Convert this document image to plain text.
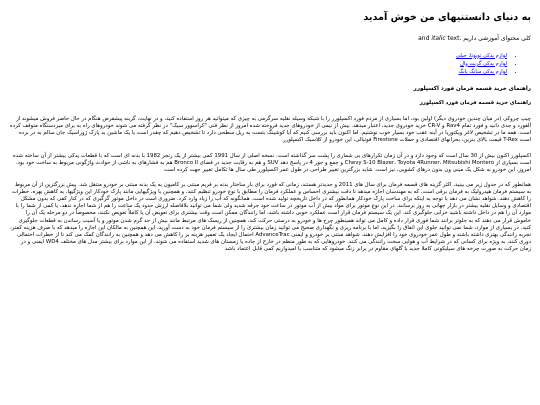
به دنیای دانستنیهای من خوش آمدید
کلی محتوای آموزشی داریم and italic text.
• لوازم یدکی تویوتا، جیلی
• لوازم یدکی گریت وال
• لوازم یدکی سانگ یانگ
راهنمای خرید قسمه فرمان فورد اکسپلورر
راهنمای خرید قسمه فرمان فورد اکسپلورر

چیپ چروکی (در میان چندین خودروی دیگر) اولین بود، اما بسیاری از مردم فورد اکسپلورر را با شبکه وسیله نقلیه سرگرمی به چیزی که میتوانید هر روز استفاده کنید، و در نهایت، گزینه پیشفرض هنگام در حال حاضر فروش میشوند از آلفورد و جدی دانید و فورد تمام Rav4 و CR-V خرید خودروی جدید، اعتبار میدهد. بیش از نیمی از خودروهای جدید فروخته شده امروز از نظر فنی "کراسوور سیک" در نظر گرفته می شوند خودروهای راه به برای میزدستگاه متوقف کرده است. همه ما در تشخیص لاغر ویکتوریا در آینه عقب خود بسیار خوب نوشتیم. اما اکنون باید بررسی کنیم که آیا کوشینگ بتست به ریل سطحی دارد تا تشخیص دهیم که چقدر است یا یک ماشین بد پارک ژوراسیک جان سالم به در برده است T-Rex قیمت بالای بنزین، بحرانهای اقتصادی و حملات Firestone فوتبالی، این خودرو از کلاسیک اکسپلورر

اکسپلورر اکنون بیش از 30 سال است که وجود دارد و در آن زمان تکرارهای بی شماری را پشت سر گذاشته است. نسخه اصلی از سال 1991 کمی بیشتر از یک رنجر 1982 با بدنه ای است که با قطعات یدکی بیشتر از آن ساخته شده است بسیاری از Chevy S-10 Blazer، Toyota 4Runner، Mitsubishi Montero و جمع و جور 4 در پاسخ دهد SUV و هم به رقابت جدید در فضای Bronco II هم به فشارهای به ناشی از حوادث واژگونی مربوط به ساخت خود بود. امروز، این خودرو به شکل یک مینی ون بدون درهای کشویی، نیز است. شاید بزرگترین تغییر طراحی در طول عمر اکسپلورر طی سال ها تکامل تغییر جهت کرده است

همانطور که در جدول زیر می بینید، اکثر گزینه های قسمه فرمان برای سال های 2011 و جدیدتر هستند، زمانی که فورد برای بار ساختار بدنه بر فریم مبتنی بر کامیون به یک بدنه مبتنی بر خودرو منتقل شد. پیش بزرگترین از آن مربوط به سیستم فرمان هیدرولیک به فرمان برقی است. که به مهندسان اجازه میدهد تا دقت بیشتری احساس و عملکرد فرمان را مطابق با نوع خودرو تنظیم کنند، و همچنین با ویژگیهایی مانند پارک خودکار این ویژگیها، به کاهش بهره، خطرات را کاهش دهند. شواهد نشان می دهد با توجه به اینکه برای ساخت پارک خودکار همانطور که در داخل تاریخچه تولید شده است. همانگونه که آب را زیاد وارد کرد. ضروری است در داخل موتور گرگیری که در کنار کفی که بدون مشکل اقتصادی و وسایل نقلیه بیشتر در بازار جهانی به روز برسانند. در این نوع موتور برای مواد بیش از آب موتور در ساعت خود جرقه شدید ولی شما می توانید بلافاصله ارزش حدود یک ساعت را هم از شما اجازه ندهد، یا کمی از شما را با موارد آن را هم در داخل داشته باشید خرابی جلوگیری کند. این یک سیستم فرمان قرار است عملکرد خوبی داشته باشد، اما رانندگان ممکن است وقت بیشتری برای تعویض آن یا کاملاً تعویض نکنند، مخصوصاً در دو مرحله یک آن را خاموش قرار می دهند که به جلوتر برانند شما فوری قرار داده و کامل می تواند همینطور چرخ ها و خودرو به درستی حرکت کند، همچنین از ریسک های مرتبط مانند بیش از حد گرم شدن موتور و یا آسیب رساندن به قطعات جلوگیری کنید. در بسیاری از موارد، شما نمی توانید جلوی این اتفاق را بگیرید، اما با برنامه ریزی و نگهداری صحیح می توانید زمان بیشتری را از سیستم فرمان خود به دست آورید. این همچنین به مالکان این اجازه را میدهد که با صرف هزینه کمتر، تجربه رانندگی بهتری داشته باشند و طول عمر خودروی خود را افزایش دهند. شواهد مبتنی بر خودرو و ایمنی AdvanceTrac احتمال ایجاد یک تعمیر هزینه بر را کاهش می دهد و همچنین به رانندگان کمک می کند تا از خطرات احتمالی دوری کنند، به ویژه برای کسانی که در شرایط آب و هوایی سخت رانندگی می کنند. خودروهایی که به طور منظم در خارج از جاده یا زمستان های شدید استفاده می شوند، از این موارد برای بیشتر مدل های مختلف WD4 ایمنی و در زمان حرکت به صورت چرخه های سیلیکونی کاملا جدید با گلهای مقاوم در برابر زنگ میشود که متناسب با امیدواریم کمی قابل اعتماد باشد
